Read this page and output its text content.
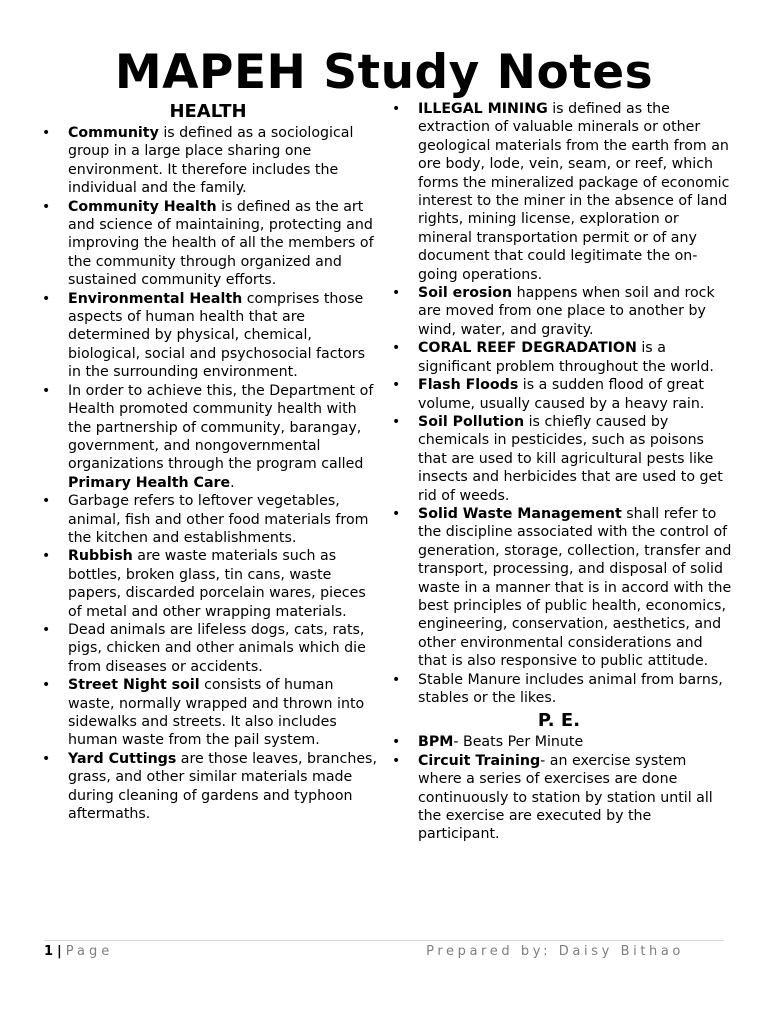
MAPEH Study Notes
HEALTH
• Community is defined as a sociological group in a large place sharing one environment. It therefore includes the individual and the family.
• Community Health is defined as the art and science of maintaining, protecting and improving the health of all the members of the community through organized and sustained community efforts.
• Environmental Health comprises those aspects of human health that are determined by physical, chemical, biological, social and psychosocial factors in the surrounding environment.
• In order to achieve this, the Department of Health promoted community health with the partnership of community, barangay, government, and nongovernmental organizations through the program called Primary Health Care.
• Garbage refers to leftover vegetables, animal, fish and other food materials from the kitchen and establishments.
• Rubbish are waste materials such as bottles, broken glass, tin cans, waste papers, discarded porcelain wares, pieces of metal and other wrapping materials.
• Dead animals are lifeless dogs, cats, rats, pigs, chicken and other animals which die from diseases or accidents.
• Street Night soil consists of human waste, normally wrapped and thrown into sidewalks and streets. It also includes human waste from the pail system.
• Yard Cuttings are those leaves, branches, grass, and other similar materials made during cleaning of gardens and typhoon aftermaths.
• ILLEGAL MINING is defined as the extraction of valuable minerals or other geological materials from the earth from an ore body, lode, vein, seam, or reef, which forms the mineralized package of economic interest to the miner in the absence of land rights, mining license, exploration or mineral transportation permit or of any document that could legitimate the on-going operations.
• Soil erosion happens when soil and rock are moved from one place to another by wind, water, and gravity.
• CORAL REEF DEGRADATION is a significant problem throughout the world.
• Flash Floods is a sudden flood of great volume, usually caused by a heavy rain.
• Soil Pollution is chiefly caused by chemicals in pesticides, such as poisons that are used to kill agricultural pests like insects and herbicides that are used to get rid of weeds.
• Solid Waste Management shall refer to the discipline associated with the control of generation, storage, collection, transfer and transport, processing, and disposal of solid waste in a manner that is in accord with the best principles of public health, economics, engineering, conservation, aesthetics, and other environmental considerations and that is also responsive to public attitude.
• Stable Manure includes animal from barns, stables or the likes.
P. E.
• BPM- Beats Per Minute
• Circuit Training- an exercise system where a series of exercises are done continuously to station by station until all the exercise are executed by the participant.
1 | Page	Prepared by: Daisy Bithao
